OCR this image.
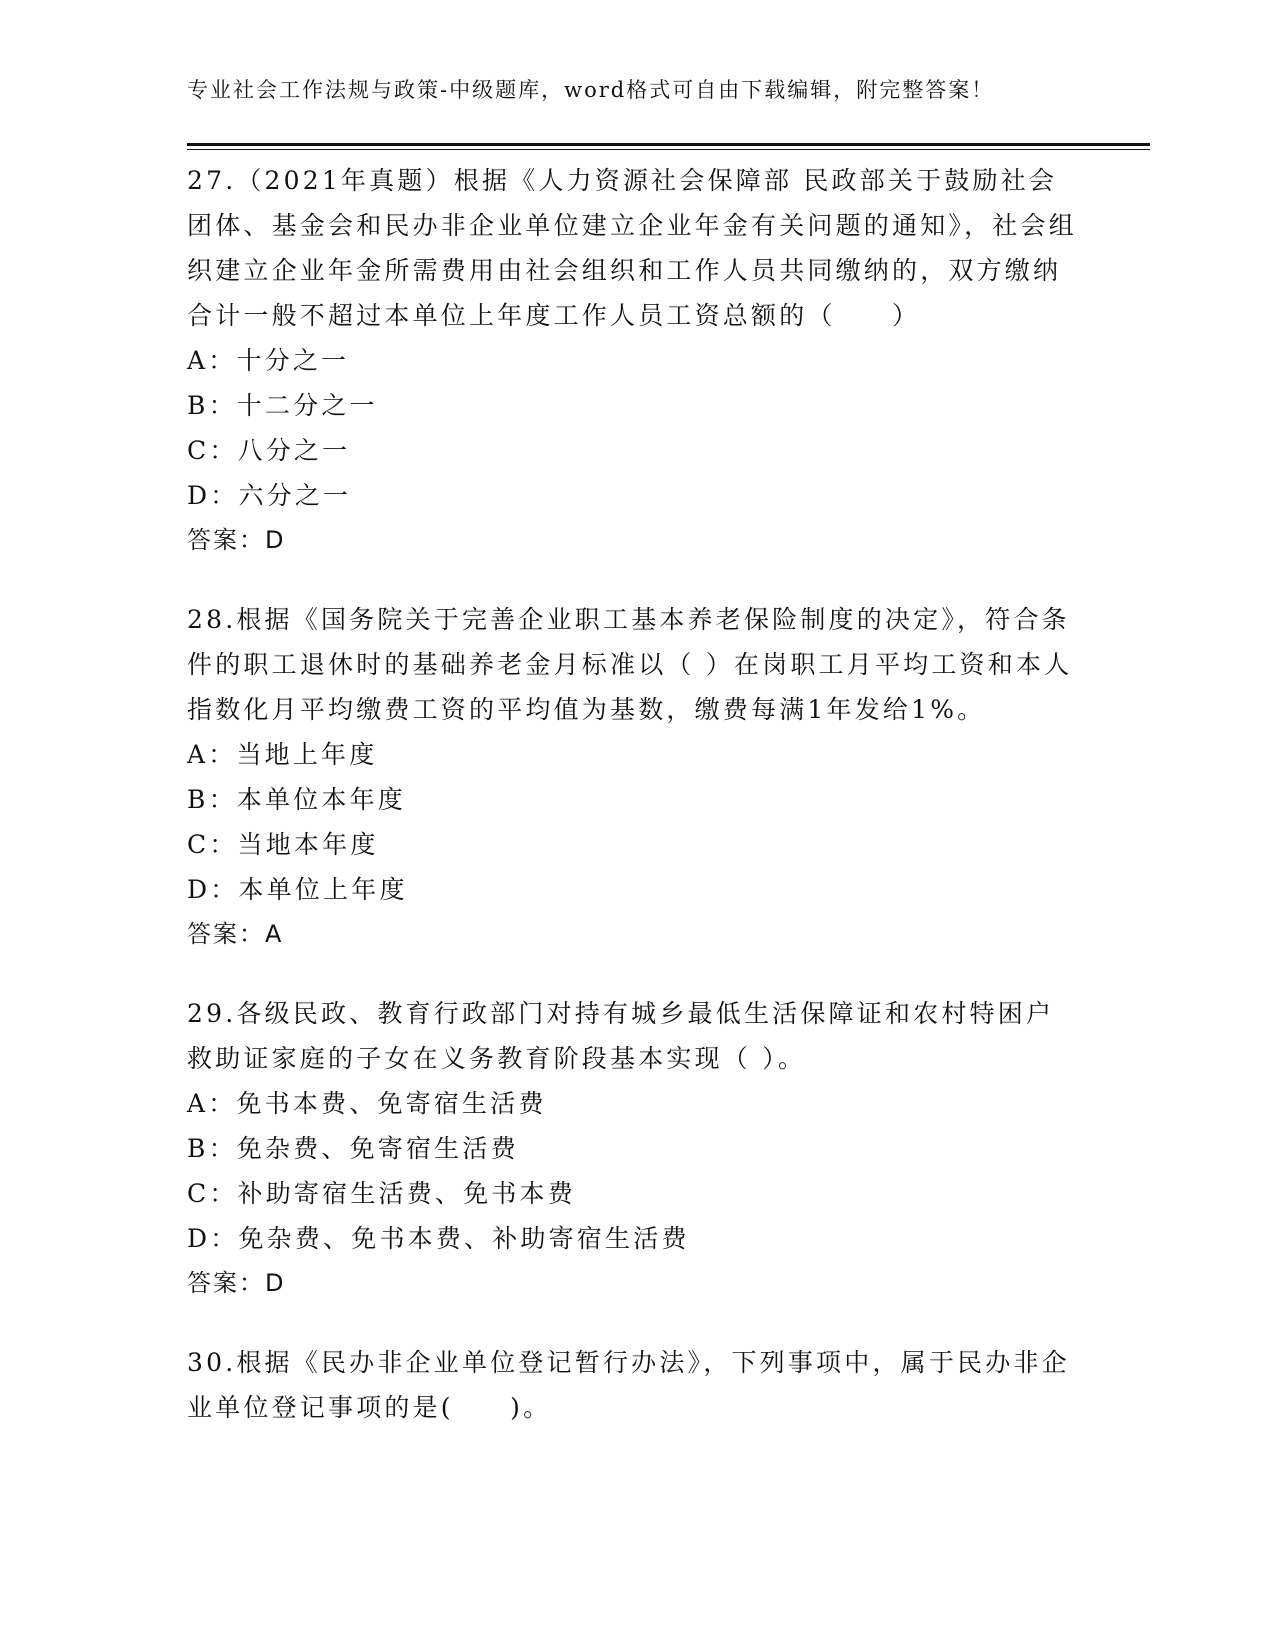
专业社会工作法规与政策-中级题库，word格式可自由下载编辑，附完整答案！

27.（2021年真题）根据《人力资源社会保障部 民政部关于鼓励社会团体、基金会和民办非企业单位建立企业年金有关问题的通知》，社会组织建立企业年金所需费用由社会组织和工作人员共同缴纳的，双方缴纳合计一般不超过本单位上年度工作人员工资总额的（　　）

A：十分之一

B：十二分之一

C：八分之一

D：六分之一

答案：D

28.根据《国务院关于完善企业职工基本养老保险制度的决定》，符合条件的职工退休时的基础养老金月标准以（ ）在岗职工月平均工资和本人指数化月平均缴费工资的平均值为基数，缴费每满1年发给1%。

A：当地上年度

B：本单位本年度

C：当地本年度

D：本单位上年度

答案：A

29.各级民政、教育行政部门对持有城乡最低生活保障证和农村特困户救助证家庭的子女在义务教育阶段基本实现（ ）。

A：免书本费、免寄宿生活费

B：免杂费、免寄宿生活费

C：补助寄宿生活费、免书本费

D：免杂费、免书本费、补助寄宿生活费

答案：D

30.根据《民办非企业单位登记暂行办法》，下列事项中，属于民办非企业单位登记事项的是(　　)。
